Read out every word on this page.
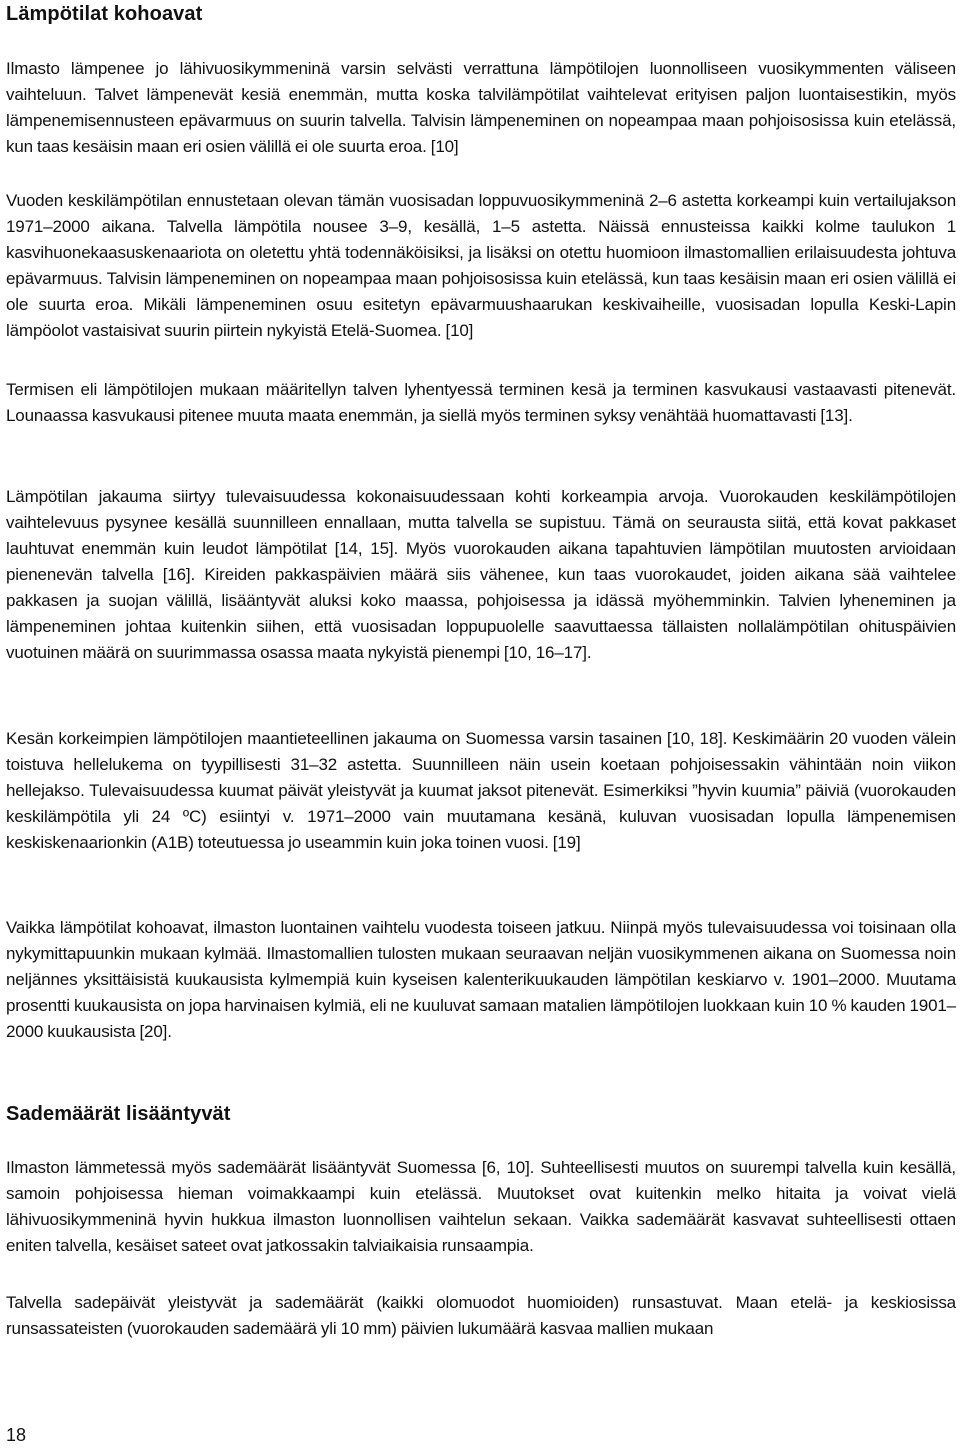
Lämpötilat kohoavat

Ilmasto lämpenee jo lähivuosikymmeninä varsin selvästi verrattuna lämpötilojen luonnolliseen vuosikymmenten väliseen vaihteluun. Talvet lämpenevät kesiä enemmän, mutta koska talvilämpötilat vaihtelevat erityisen paljon luontaisestikin, myös lämpenemisennusteen epävarmuus on suurin talvella. Talvisin lämpeneminen on nopeampaa maan pohjoisosissa kuin etelässä, kun taas kesäisin maan eri osien välillä ei ole suurta eroa. [10]

Vuoden keskilämpötilan ennustetaan olevan tämän vuosisadan loppuvuosikymmeninä 2–6 astetta korkeampi kuin vertailujakson 1971–2000 aikana. Talvella lämpötila nousee 3–9, kesällä, 1–5 astetta. Näissä ennusteissa kaikki kolme taulukon 1 kasvihuonekaasuskenaariota on oletettu yhtä todennäköisiksi, ja lisäksi on otettu huomioon ilmastomallien erilaisuudesta johtuva epävarmuus. Talvisin lämpeneminen on nopeampaa maan pohjoisosissa kuin etelässä, kun taas kesäisin maan eri osien välillä ei ole suurta eroa. Mikäli lämpeneminen osuu esitetyn epävarmuushaarukan keskivaiheille, vuosisadan lopulla Keski-Lapin lämpöolot vastaisivat suurin piirtein nykyistä Etelä-Suomea. [10]

Termisen eli lämpötilojen mukaan määritellyn talven lyhentyessä terminen kesä ja terminen kasvukausi vastaavasti pitenevät. Lounaassa kasvukausi pitenee muuta maata enemmän, ja siellä myös terminen syksy venähtää huomattavasti [13].

Lämpötilan jakauma siirtyy tulevaisuudessa kokonaisuudessaan kohti korkeampia arvoja. Vuorokauden keskilämpötilojen vaihtelevuus pysynee kesällä suunnilleen ennallaan, mutta talvella se supistuu. Tämä on seurausta siitä, että kovat pakkaset lauhtuvat enemmän kuin leudot lämpötilat [14, 15]. Myös vuorokauden aikana tapahtuvien lämpötilan muutosten arvioidaan pienenevän talvella [16]. Kireiden pakkaspäivien määrä siis vähenee, kun taas vuorokaudet, joiden aikana sää vaihtelee pakkasen ja suojan välillä, lisääntyvät aluksi koko maassa, pohjoisessa ja idässä myöhemminkin. Talvien lyheneminen ja lämpeneminen johtaa kuitenkin siihen, että vuosisadan loppupuolelle saavuttaessa tällaisten nollalämpötilan ohituspäivien vuotuinen määrä on suurimmassa osassa maata nykyistä pienempi [10, 16–17].

Kesän korkeimpien lämpötilojen maantieteellinen jakauma on Suomessa varsin tasainen [10, 18]. Keskimäärin 20 vuoden välein toistuva hellelukema on tyypillisesti 31–32 astetta. Suunnilleen näin usein koetaan pohjoisessakin vähintään noin viikon hellejakso. Tulevaisuudessa kuumat päivät yleistyvät ja kuumat jaksot pitenevät. Esimerkiksi ”hyvin kuumia” päiviä (vuorokauden keskilämpötila yli 24 ºC) esiintyi v. 1971–2000 vain muutamana kesänä, kuluvan vuosisadan lopulla lämpenemisen keskiskenaarionkin (A1B) toteutuessa jo useammin kuin joka toinen vuosi. [19]

Vaikka lämpötilat kohoavat, ilmaston luontainen vaihtelu vuodesta toiseen jatkuu. Niinpä myös tulevaisuudessa voi toisinaan olla nykymittapuunkin mukaan kylmää. Ilmastomallien tulosten mukaan seuraavan neljän vuosikymmenen aikana on Suomessa noin neljännes yksittäisistä kuukausista kylmempiä kuin kyseisen kalenterikuukauden lämpötilan keskiarvo v. 1901–2000. Muutama prosentti kuukausista on jopa harvinaisen kylmiä, eli ne kuuluvat samaan matalien lämpötilojen luokkaan kuin 10 % kauden 1901–2000 kuukausista [20].

Sademäärät lisääntyvät

Ilmaston lämmetessä myös sademäärät lisääntyvät Suomessa [6, 10]. Suhteellisesti muutos on suurempi talvella kuin kesällä, samoin pohjoisessa hieman voimakkaampi kuin etelässä. Muutokset ovat kuitenkin melko hitaita ja voivat vielä lähivuosikymmeninä hyvin hukkua ilmaston luonnollisen vaihtelun sekaan. Vaikka sademäärät kasvavat suhteellisesti ottaen eniten talvella, kesäiset sateet ovat jatkossakin talviaikaisia runsaampia.

Talvella sadepäivät yleistyvät ja sademäärät (kaikki olomuodot huomioiden) runsastuvat. Maan etelä- ja keskiosissa runsassateisten (vuorokauden sademäärä yli 10 mm) päivien lukumäärä kasvaa mallien mukaan

18
